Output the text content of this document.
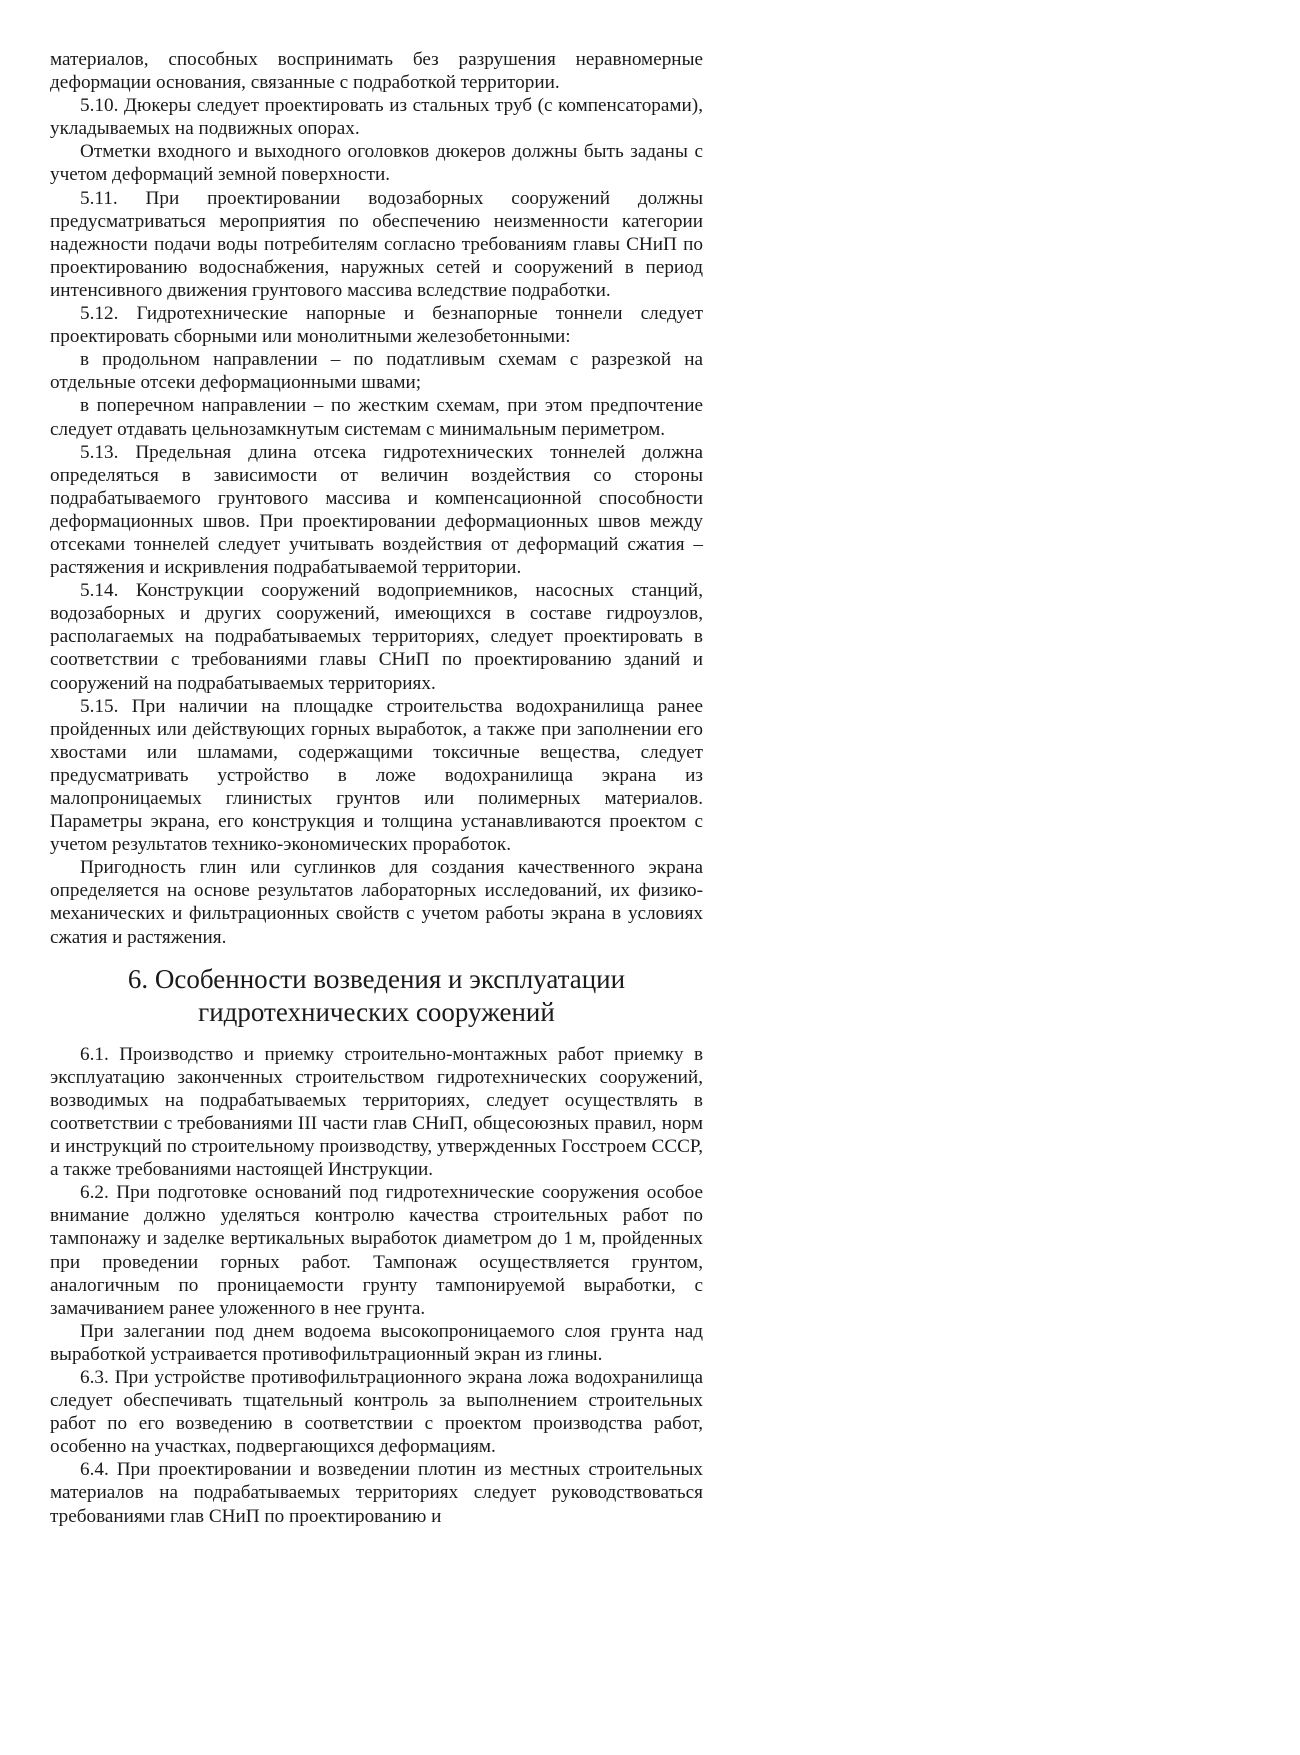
материалов, способных воспринимать без разрушения неравномерные деформации основания, связанные с подработкой территории.

5.10. Дюкеры следует проектировать из стальных труб (с компенсаторами), укладываемых на подвижных опорах.

Отметки входного и выходного оголовков дюкеров должны быть заданы с учетом деформаций земной поверхности.

5.11. При проектировании водозаборных сооружений должны предусматриваться мероприятия по обеспечению неизменности категории надежности подачи воды потребителям согласно требованиям главы СНиП по проектированию водоснабжения, наружных сетей и сооружений в период интенсивного движения грунтового массива вследствие подработки.

5.12. Гидротехнические напорные и безнапорные тоннели следует проектировать сборными или монолитными железобетонными:

в продольном направлении – по податливым схемам с разрезкой на отдельные отсеки деформационными швами;

в поперечном направлении – по жестким схемам, при этом предпочтение следует отдавать цельнозамкнутым системам с минимальным периметром.

5.13. Предельная длина отсека гидротехнических тоннелей должна определяться в зависимости от величин воздействия со стороны подрабатываемого грунтового массива и компенсационной способности деформационных швов. При проектировании деформационных швов между отсеками тоннелей следует учитывать воздействия от деформаций сжатия – растяжения и искривления подрабатываемой территории.

5.14. Конструкции сооружений водоприемников, насосных станций, водозаборных и других сооружений, имеющихся в составе гидроузлов, располагаемых на подрабатываемых территориях, следует проектировать в соответствии с требованиями главы СНиП по проектированию зданий и сооружений на подрабатываемых территориях.

5.15. При наличии на площадке строительства водохранилища ранее пройденных или действующих горных выработок, а также при заполнении его хвостами или шламами, содержащими токсичные вещества, следует предусматривать устройство в ложе водохранилища экрана из малопроницаемых глинистых грунтов или полимерных материалов. Параметры экрана, его конструкция и толщина устанавливаются проектом с учетом результатов технико-экономических проработок.

Пригодность глин или суглинков для создания качественного экрана определяется на основе результатов лабораторных исследований, их физико-механических и фильтрационных свойств с учетом работы экрана в условиях сжатия и растяжения.

6. Особенности возведения и эксплуатации
гидротехнических сооружений

6.1. Производство и приемку строительно-монтажных работ приемку в эксплуатацию законченных строительством гидротехнических сооружений, возводимых на подрабатываемых территориях, следует осуществлять в соответствии с требованиями III части глав СНиП, общесоюзных правил, норм и инструкций по строительному производству, утвержденных Госстроем СССР, а также требованиями настоящей Инструкции.

6.2. При подготовке оснований под гидротехнические сооружения особое внимание должно уделяться контролю качества строительных работ по тампонажу и заделке вертикальных выработок диаметром до 1 м, пройденных при проведении горных работ. Тампонаж осуществляется грунтом, аналогичным по проницаемости грунту тампонируемой выработки, с замачиванием ранее уложенного в нее грунта.

При залегании под днем водоема высокопроницаемого слоя грунта над выработкой устраивается противофильтрационный экран из глины.

6.3. При устройстве противофильтрационного экрана ложа водохранилища следует обеспечивать тщательный контроль за выполнением строительных работ по его возведению в соответствии с проектом производства работ, особенно на участках, подвергающихся деформациям.

6.4. При проектировании и возведении плотин из местных строительных материалов на подрабатываемых территориях следует руководствоваться требованиями глав СНиП по проектированию и
